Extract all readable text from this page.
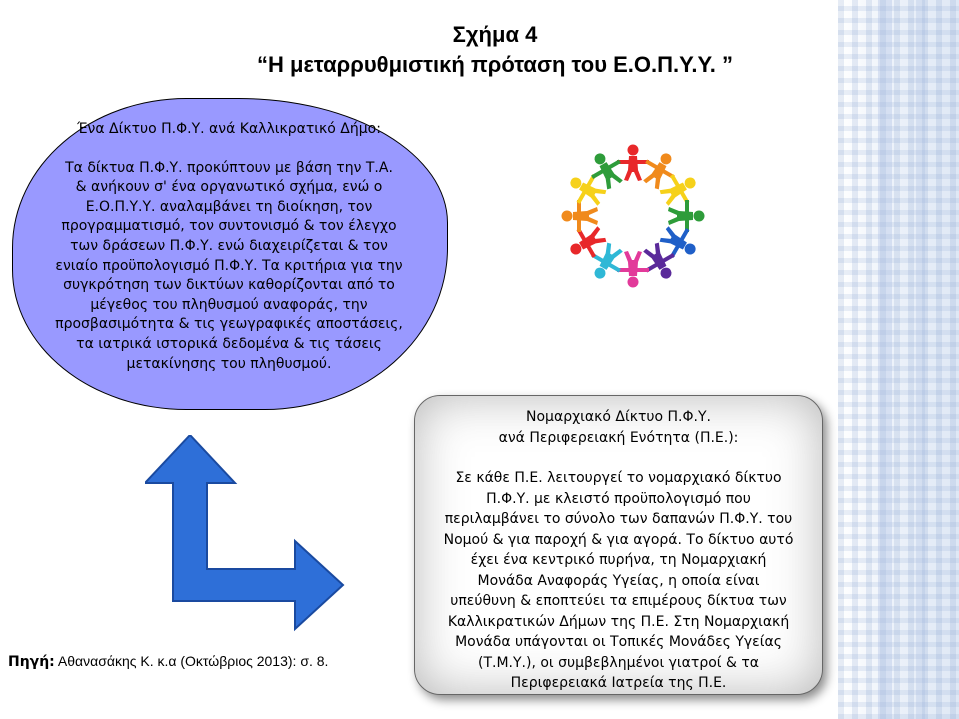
Σχήμα 4
“Η μεταρρυθμιστική πρόταση του Ε.Ο.Π.Υ.Υ. ”

Ένα Δίκτυο Π.Φ.Υ. ανά Καλλικρατικό Δήμο:

Τα δίκτυα Π.Φ.Υ. προκύπτουν με βάση την Τ.Α.

& ανήκουν σ' ένα οργανωτικό σχήμα, ενώ ο

Ε.Ο.Π.Υ.Υ. αναλαμβάνει τη διοίκηση, τον

προγραμματισμό, τον συντονισμό & τον έλεγχο

των δράσεων Π.Φ.Υ. ενώ διαχειρίζεται & τον

ενιαίο προϋπολογισμό Π.Φ.Υ. Τα κριτήρια για την

συγκρότηση των δικτύων καθορίζονται από το

μέγεθος του πληθυσμού αναφοράς, την

προσβασιμότητα & τις γεωγραφικές αποστάσεις,

τα ιατρικά ιστορικά δεδομένα & τις τάσεις

μετακίνησης του πληθυσμού.

Νομαρχιακό Δίκτυο Π.Φ.Υ.
ανά Περιφερειακή Ενότητα (Π.Ε.):

Σε κάθε Π.Ε. λειτουργεί το νομαρχιακό δίκτυο

Π.Φ.Υ. με κλειστό προϋπολογισμό που

περιλαμβάνει το σύνολο των δαπανών Π.Φ.Υ. του

Νομού & για παροχή & για αγορά. Το δίκτυο αυτό

έχει ένα κεντρικό πυρήνα, τη Νομαρχιακή

Μονάδα Αναφοράς Υγείας, η οποία είναι

υπεύθυνη & εποπτεύει τα επιμέρους δίκτυα των

Καλλικρατικών Δήμων της Π.Ε. Στη Νομαρχιακή

Μονάδα υπάγονται οι Τοπικές Μονάδες Υγείας

(Τ.Μ.Υ.), οι συμβεβλημένοι γιατροί & τα

Περιφερειακά Ιατρεία της Π.Ε.

Πηγή: Αθανασάκης Κ. κ.α (Οκτώβριος 2013): σ. 8.
